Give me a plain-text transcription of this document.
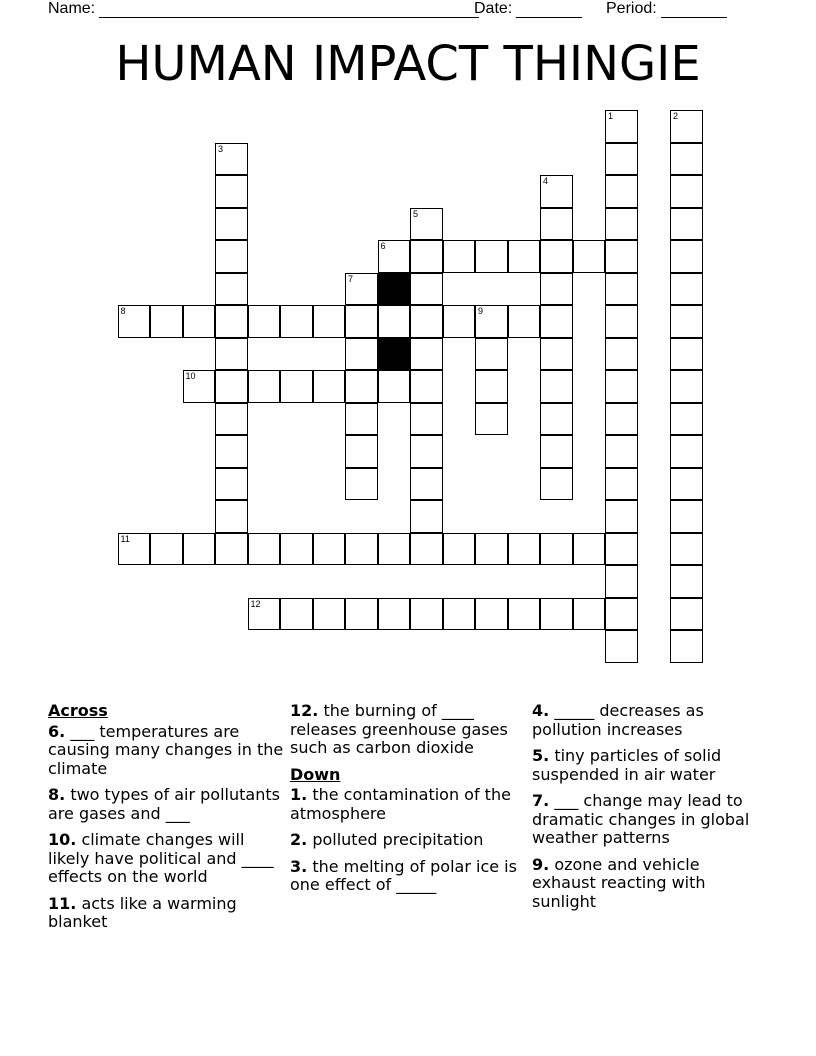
Name:	Date:	Period:
HUMAN IMPACT THINGIE
1	2
3
4
5
6
7
8	9
10
11
12
Across
6. ___ temperatures are causing many changes in the climate
8. two types of air pollutants are gases and ___
10. climate changes will likely have political and ____ effects on the world
11. acts like a warming blanket
12. the burning of ____ releases greenhouse gases such as carbon dioxide
Down
1. the contamination of the atmosphere
2. polluted precipitation
3. the melting of polar ice is one effect of _____
4. _____ decreases as pollution increases
5. tiny particles of solid suspended in air water
7. ___ change may lead to dramatic changes in global weather patterns
9. ozone and vehicle exhaust reacting with sunlight
